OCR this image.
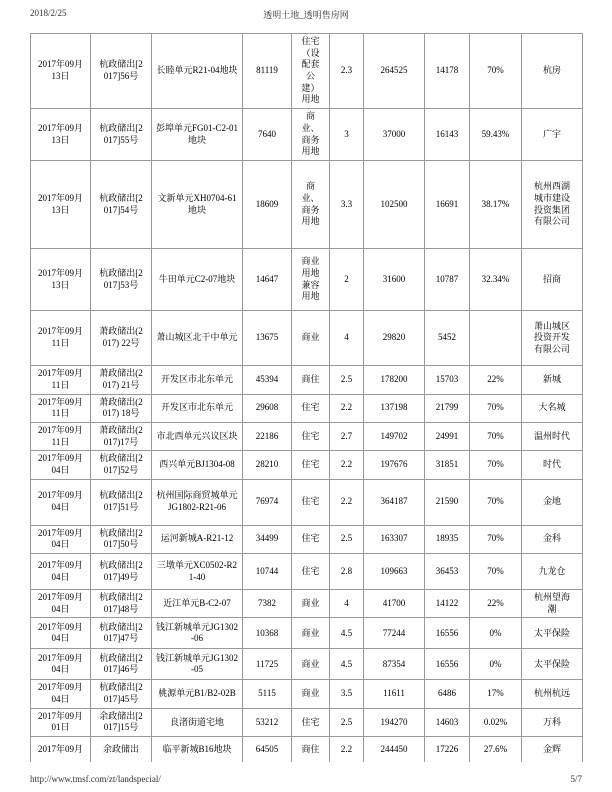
2018/2/25	透明土地_透明售房网
2017年09月13日	杭政储出[2017]56号	长睦单元R21-04地块	81119	住宅（设配套公建）用地	2.3	264525	14178	70%	杭房
2017年09月13日	杭政储出[2017]55号	彭埠单元FG01-C2-01地块	7640	商业、商务用地	3	37000	16143	59.43%	广宇
2017年09月13日	杭政储出[2017]54号	文新单元XH0704-61地块	18609	商业、商务用地	3.3	102500	16691	38.17%	杭州西湖城市建设投资集团有限公司
2017年09月13日	杭政储出[2017]53号	牛田单元C2-07地块	14647	商业用地兼容用地	2	31600	10787	32.34%	招商
2017年09月11日	萧政储出(2017) 22号	萧山城区北干中单元	13675	商业	4	29820	5452		萧山城区投资开发有限公司
2017年09月11日	萧政储出(2017) 21号	开发区市北东单元	45394	商住	2.5	178200	15703	22%	新城
2017年09月11日	萧政储出(2017) 18号	开发区市北东单元	29608	住宅	2.2	137198	21799	70%	大名城
2017年09月11日	萧政储出(2017)17号	市北西单元兴议区块	22186	住宅	2.7	149702	24991	70%	温州时代
2017年09月04日	杭政储出[2017]52号	西兴单元BJ1304-08	28210	住宅	2.2	197676	31851	70%	时代
2017年09月04日	杭政储出[2017]51号	杭州国际商贸城单元JG1802-R21-06	76974	住宅	2.2	364187	21590	70%	金地
2017年09月04日	杭政储出[2017]50号	运河新城A-R21-12	34499	住宅	2.5	163307	18935	70%	金科
2017年09月04日	杭政储出[2017]49号	三墩单元XC0502-R21-40	10744	住宅	2.8	109663	36453	70%	九龙仓
2017年09月04日	杭政储出[2017]48号	近江单元B-C2-07	7382	商业	4	41700	14122	22%	杭州望海潮
2017年09月04日	杭政储出[2017]47号	钱江新城单元JG1302-06	10368	商业	4.5	77244	16556	0%	太平保险
2017年09月04日	杭政储出[2017]46号	钱江新城单元JG1302-05	11725	商业	4.5	87354	16556	0%	太平保险
2017年09月04日	杭政储出[2017]45号	桃源单元B1/B2-02B	5115	商业	3.5	11611	6486	17%	杭州杭远
2017年09月01日	余政储出[2017]15号	良渚街道宅地	53212	住宅	2.5	194270	14603	0.02%	万科
2017年09月	余政储出	临平新城B16地块	64505	商住	2.2	244450	17226	27.6%	金辉
http://www.tmsf.com/zt/landspecial/	5/7
